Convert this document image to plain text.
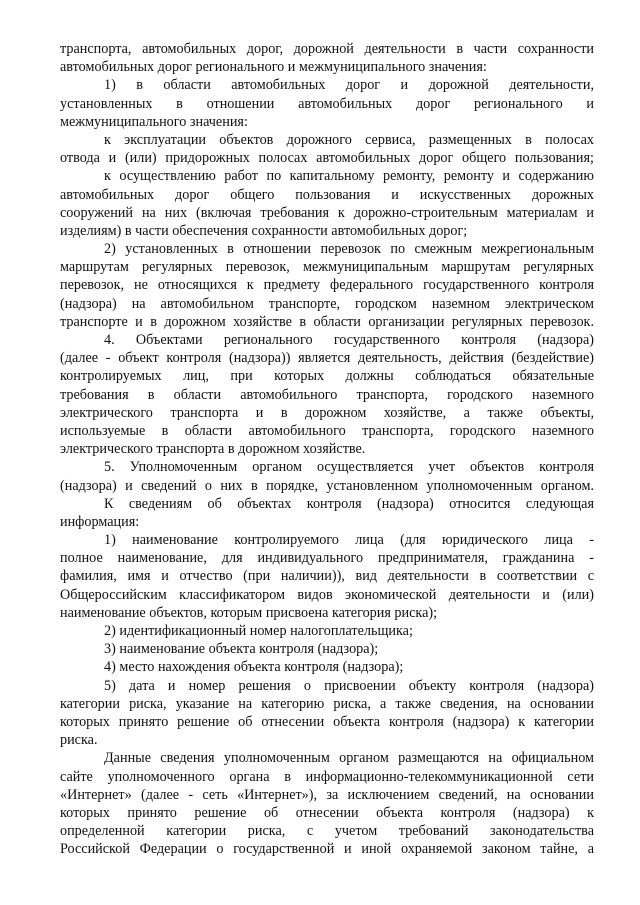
транспорта, автомобильных дорог, дорожной деятельности в части сохранности
автомобильных дорог регионального и межмуниципального значения:
1) в области автомобильных дорог и дорожной деятельности,
установленных в отношении автомобильных дорог регионального и
межмуниципального значения:
к эксплуатации объектов дорожного сервиса, размещенных в полосах
отвода и (или) придорожных полосах автомобильных дорог общего пользования;
к осуществлению работ по капитальному ремонту, ремонту и содержанию
автомобильных дорог общего пользования и искусственных дорожных
сооружений на них (включая требования к дорожно-строительным материалам и
изделиям) в части обеспечения сохранности автомобильных дорог;
2) установленных в отношении перевозок по смежным межрегиональным
маршрутам регулярных перевозок, межмуниципальным маршрутам регулярных
перевозок, не относящихся к предмету федерального государственного контроля
(надзора) на автомобильном транспорте, городском наземном электрическом
транспорте и в дорожном хозяйстве в области организации регулярных перевозок.
4. Объектами регионального государственного контроля (надзора)
(далее - объект контроля (надзора)) является деятельность, действия (бездействие)
контролируемых лиц, при которых должны соблюдаться обязательные
требования в области автомобильного транспорта, городского наземного
электрического транспорта и в дорожном хозяйстве, а также объекты,
используемые в области автомобильного транспорта, городского наземного
электрического транспорта в дорожном хозяйстве.
5. Уполномоченным органом осуществляется учет объектов контроля
(надзора) и сведений о них в порядке, установленном уполномоченным органом.
К сведениям об объектах контроля (надзора) относится следующая
информация:
1) наименование контролируемого лица (для юридического лица -
полное наименование, для индивидуального предпринимателя, гражданина -
фамилия, имя и отчество (при наличии)), вид деятельности в соответствии с
Общероссийским классификатором видов экономической деятельности и (или)
наименование объектов, которым присвоена категория риска);
2) идентификационный номер налогоплательщика;
3) наименование объекта контроля (надзора);
4) место нахождения объекта контроля (надзора);
5) дата и номер решения о присвоении объекту контроля (надзора)
категории риска, указание на категорию риска, а также сведения, на основании
которых принято решение об отнесении объекта контроля (надзора) к категории
риска.
Данные сведения уполномоченным органом размещаются на официальном
сайте уполномоченного органа в информационно-телекоммуникационной сети
«Интернет» (далее - сеть «Интернет»), за исключением сведений, на основании
которых принято решение об отнесении объекта контроля (надзора) к
определенной категории риска, с учетом требований законодательства
Российской Федерации о государственной и иной охраняемой законом тайне, а
